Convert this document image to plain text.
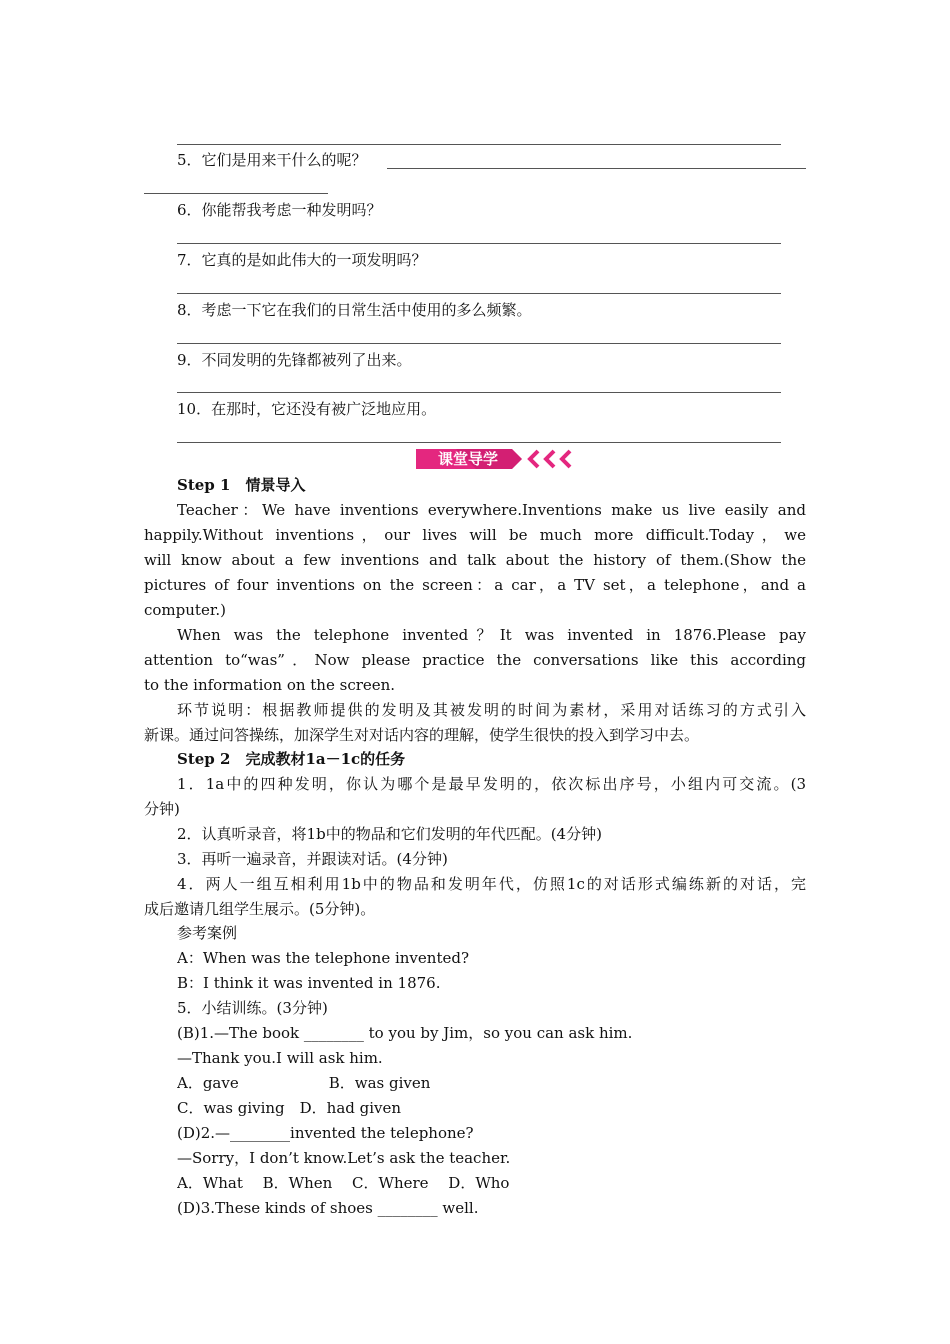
5．它们是用来干什么的呢？
6．你能帮我考虑一种发明吗？
7．它真的是如此伟大的一项发明吗？
8．考虑一下它在我们的日常生活中使用的多么频繁。
9．不同发明的先锋都被列了出来。
10．在那时，它还没有被广泛地应用。
课堂导学
Step 1　情景导入
Teacher：We have inventions everywhere.Inventions make us live easily and
happily.Without inventions，our lives will be much more difficult.Today，we
will know about a few inventions and talk about the history of them.(Show the
pictures of four inventions on the screen：a car，a TV set，a telephone，and a
computer.)
When was the telephone invented？It was invented in 1876.Please pay
attention to“was”．Now please practice the conversations like this according
to the information on the screen.
环节说明：根据教师提供的发明及其被发明的时间为素材，采用对话练习的方式引入
新课。通过问答操练，加深学生对对话内容的理解，使学生很快的投入到学习中去。
Step 2　完成教材1a－1c的任务
1．1a中的四种发明，你认为哪个是最早发明的，依次标出序号，小组内可交流。(3
分钟)
2．认真听录音，将1b中的物品和它们发明的年代匹配。(4分钟)
3．再听一遍录音，并跟读对话。(4分钟)
4．两人一组互相利用1b中的物品和发明年代，仿照1c的对话形式编练新的对话，完
成后邀请几组学生展示。(5分钟)。
参考案例
A：When was the telephone invented?
B：I think it was invented in 1876.
5．小结训练。(3分钟)
(B)1.—The book ________ to you by Jim，so you can ask him.
—Thank you.I will ask him.
A．gave　　　　　　B．was given
C．was giving　D．had given
(D)2.—________invented the telephone?
—Sorry，I don’t know.Let’s ask the teacher.
A．What　 B．When　 C．Where　 D．Who
(D)3.These kinds of shoes ________ well.
